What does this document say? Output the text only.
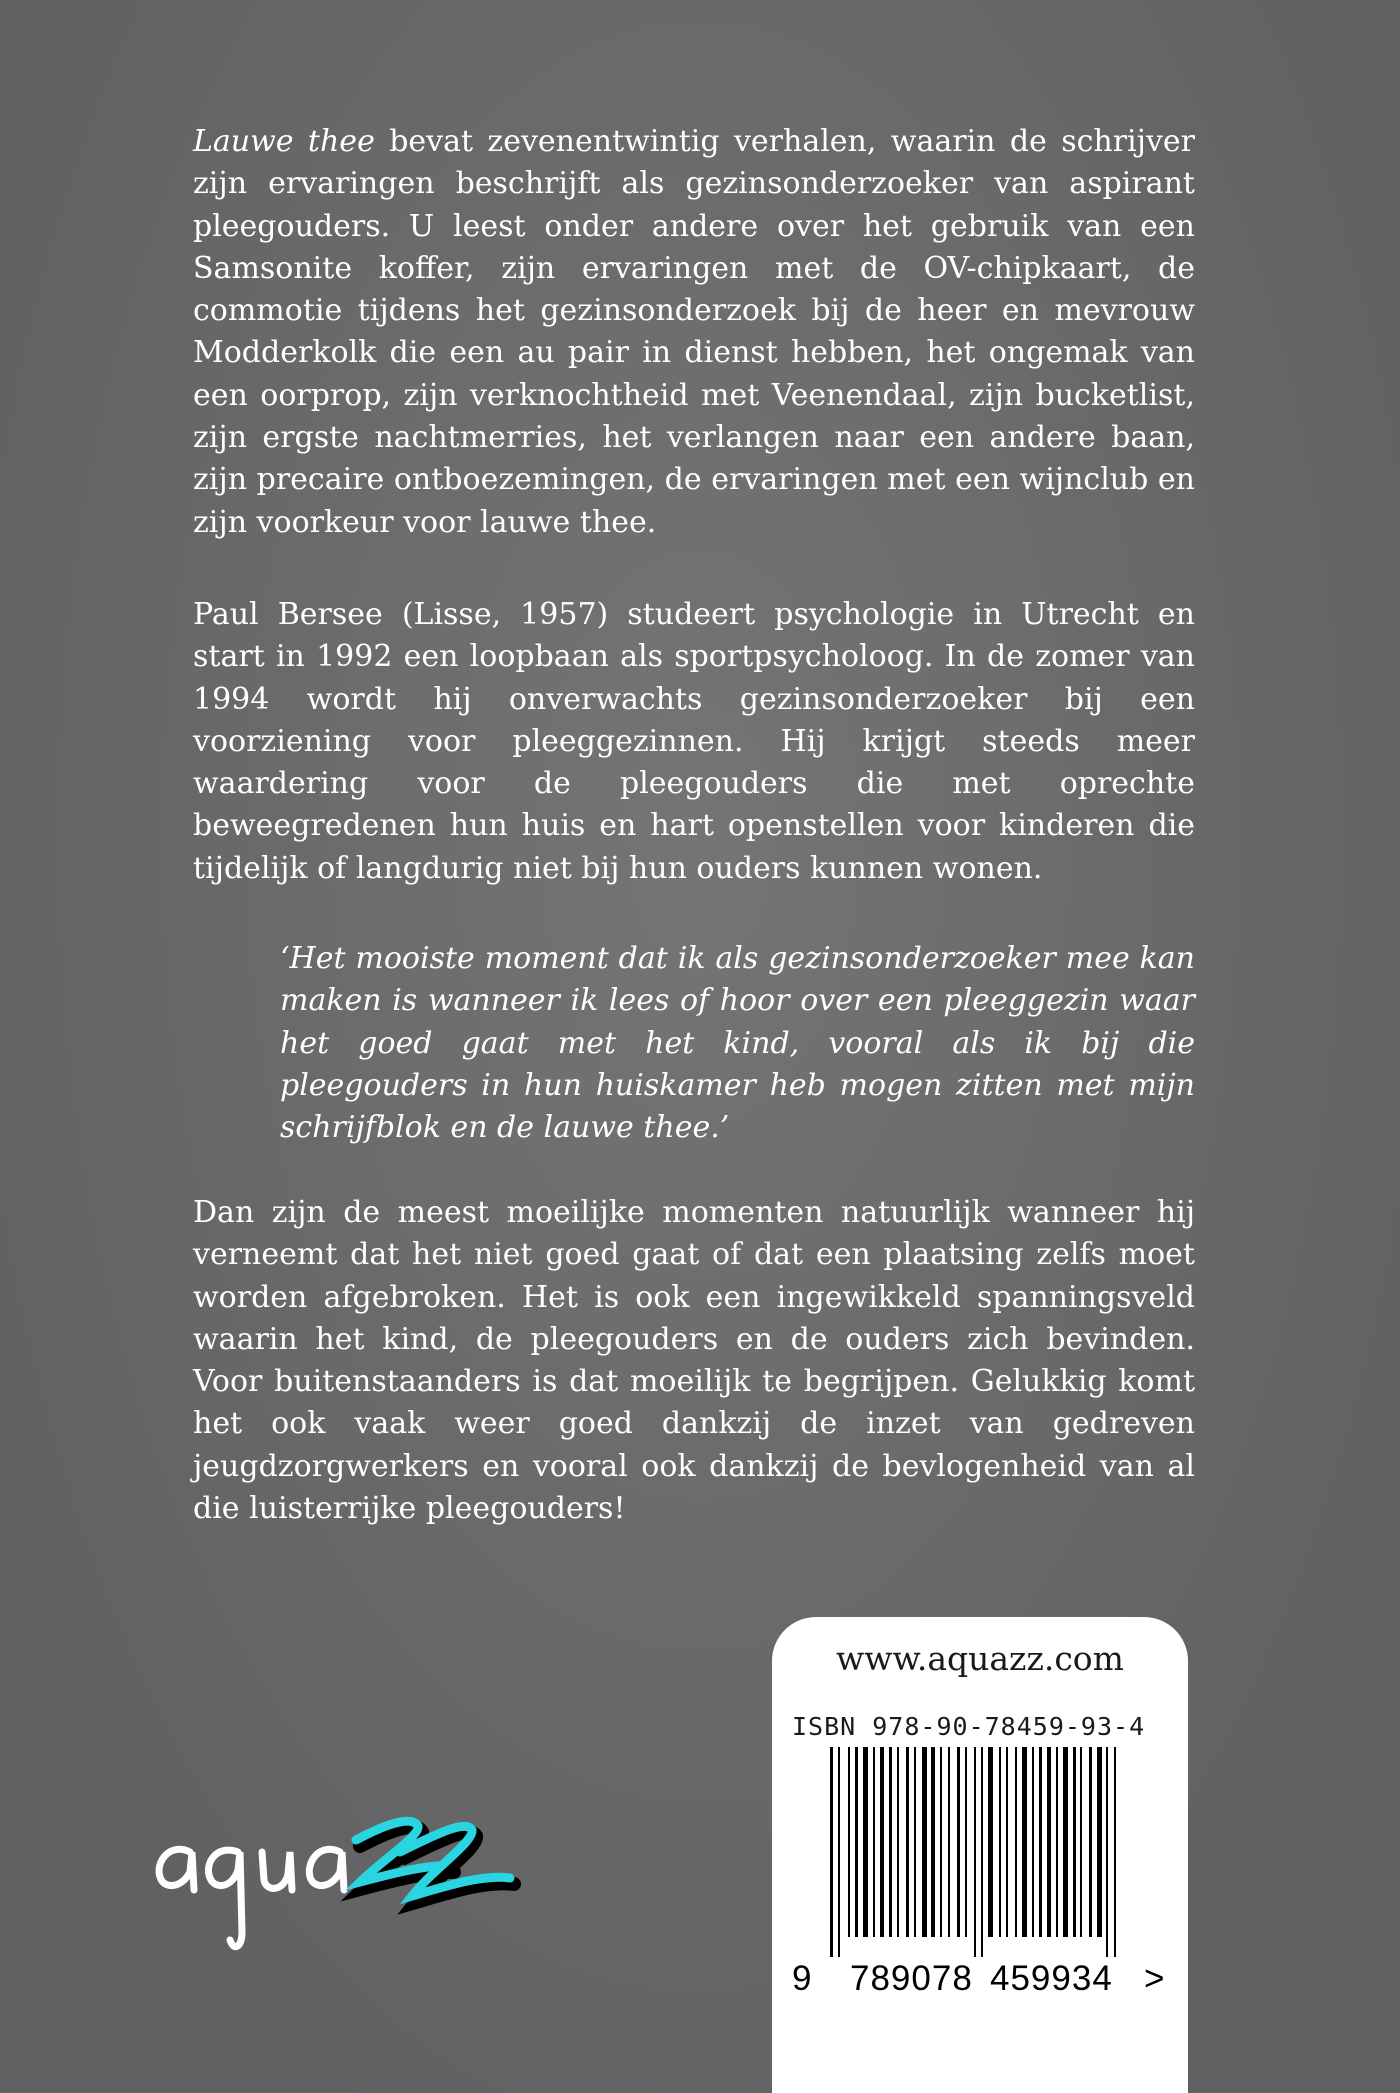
Lauwe thee bevat zevenentwintig verhalen, waarin de schrijver zijn ervaringen beschrijft als gezinsonderzoeker van aspirant pleegouders. U leest onder andere over het gebruik van een Samsonite koffer, zijn ervaringen met de OV-chipkaart, de commotie tijdens het gezinsonderzoek bij de heer en mevrouw Modderkolk die een au pair in dienst hebben, het ongemak van een oorprop, zijn verknochtheid met Veenendaal, zijn bucketlist, zijn ergste nachtmerries, het verlangen naar een andere baan, zijn precaire ontboezemingen, de ervaringen met een wijnclub en zijn voorkeur voor lauwe thee.

Paul Bersee (Lisse, 1957) studeert psychologie in Utrecht en start in 1992 een loopbaan als sportpsycholoog. In de zomer van 1994 wordt hij onverwachts gezinsonderzoeker bij een voorziening voor pleeggezinnen. Hij krijgt steeds meer waardering voor de pleegouders die met oprechte beweegredenen hun huis en hart openstellen voor kinderen die tijdelijk of langdurig niet bij hun ouders kunnen wonen.

‘Het mooiste moment dat ik als gezinsonderzoeker mee kan maken is wanneer ik lees of hoor over een pleeggezin waar het goed gaat met het kind, vooral als ik bij die pleegouders in hun huiskamer heb mogen zitten met mijn schrijfblok en de lauwe thee.’

Dan zijn de meest moeilijke momenten natuurlijk wanneer hij verneemt dat het niet goed gaat of dat een plaatsing zelfs moet worden afgebroken. Het is ook een ingewikkeld spanningsveld waarin het kind, de pleegouders en de ouders zich bevinden. Voor buitenstaanders is dat moeilijk te begrijpen. Gelukkig komt het ook vaak weer goed dankzij de inzet van gedreven jeugdzorgwerkers en vooral ook dankzij de bevlogenheid van al die luisterrijke pleegouders!

www.aquazz.com
ISBN 978-90-78459-93-4
9 789078 459934 >
